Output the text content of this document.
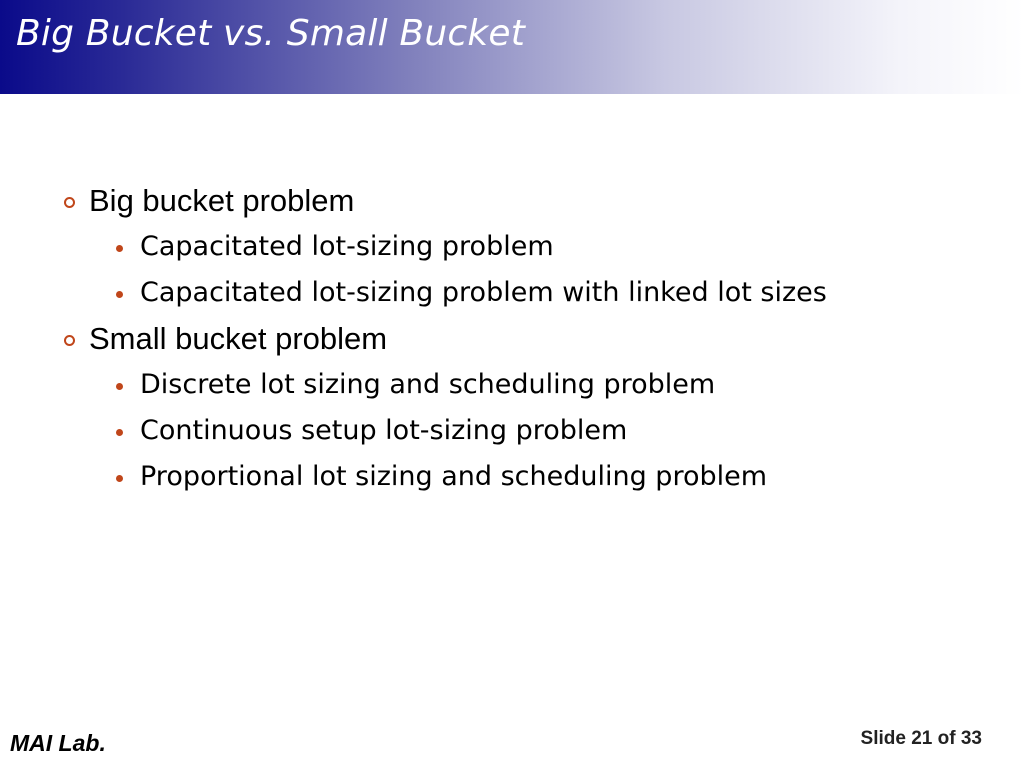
Big Bucket vs. Small Bucket
Big bucket problem
Capacitated lot-sizing problem
Capacitated lot-sizing problem with linked lot sizes
Small bucket problem
Discrete lot sizing and scheduling problem
Continuous setup lot-sizing problem
Proportional lot sizing and scheduling problem
MAI Lab.	Slide 21 of 33
